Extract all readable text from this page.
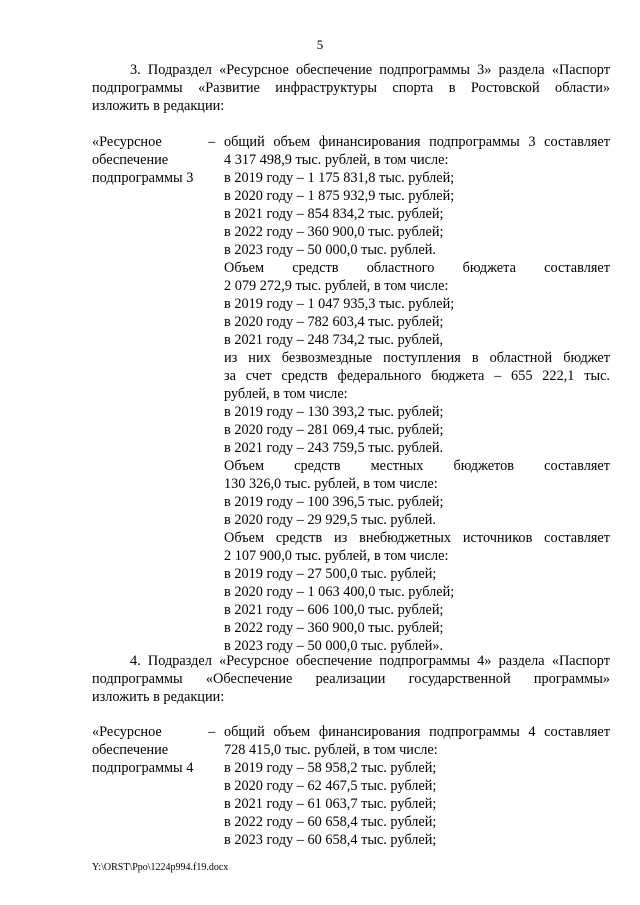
5
3. Подраздел «Ресурсное обеспечение подпрограммы 3» раздела «Паспорт
подпрограммы «Развитие инфраструктуры спорта в Ростовской области»
изложить в редакции:
«Ресурсное
обеспечение
подпрограммы 3
– общий объем финансирования подпрограммы 3 составляет
4 317 498,9 тыс. рублей, в том числе:
в 2019 году – 1 175 831,8 тыс. рублей;
в 2020 году – 1 875 932,9 тыс. рублей;
в 2021 году – 854 834,2 тыс. рублей;
в 2022 году – 360 900,0 тыс. рублей;
в 2023 году – 50 000,0 тыс. рублей.
Объем средств областного бюджета составляет
2 079 272,9 тыс. рублей, в том числе:
в 2019 году – 1 047 935,3 тыс. рублей;
в 2020 году – 782 603,4 тыс. рублей;
в 2021 году – 248 734,2 тыс. рублей,
из них безвозмездные поступления в областной бюджет
за счет средств федерального бюджета – 655 222,1 тыс.
рублей, в том числе:
в 2019 году – 130 393,2 тыс. рублей;
в 2020 году – 281 069,4 тыс. рублей;
в 2021 году – 243 759,5 тыс. рублей.
Объем средств местных бюджетов составляет
130 326,0 тыс. рублей, в том числе:
в 2019 году – 100 396,5 тыс. рублей;
в 2020 году – 29 929,5 тыс. рублей.
Объем средств из внебюджетных источников составляет
2 107 900,0 тыс. рублей, в том числе:
в 2019 году – 27 500,0 тыс. рублей;
в 2020 году – 1 063 400,0 тыс. рублей;
в 2021 году – 606 100,0 тыс. рублей;
в 2022 году – 360 900,0 тыс. рублей;
в 2023 году – 50 000,0 тыс. рублей».
4. Подраздел «Ресурсное обеспечение подпрограммы 4» раздела «Паспорт
подпрограммы «Обеспечение реализации государственной программы»
изложить в редакции:
«Ресурсное
обеспечение
подпрограммы 4
– общий объем финансирования подпрограммы 4 составляет
728 415,0 тыс. рублей, в том числе:
в 2019 году – 58 958,2 тыс. рублей;
в 2020 году – 62 467,5 тыс. рублей;
в 2021 году – 61 063,7 тыс. рублей;
в 2022 году – 60 658,4 тыс. рублей;
в 2023 году – 60 658,4 тыс. рублей;
Y:\ORST\Ppo\1224p994.f19.docx
